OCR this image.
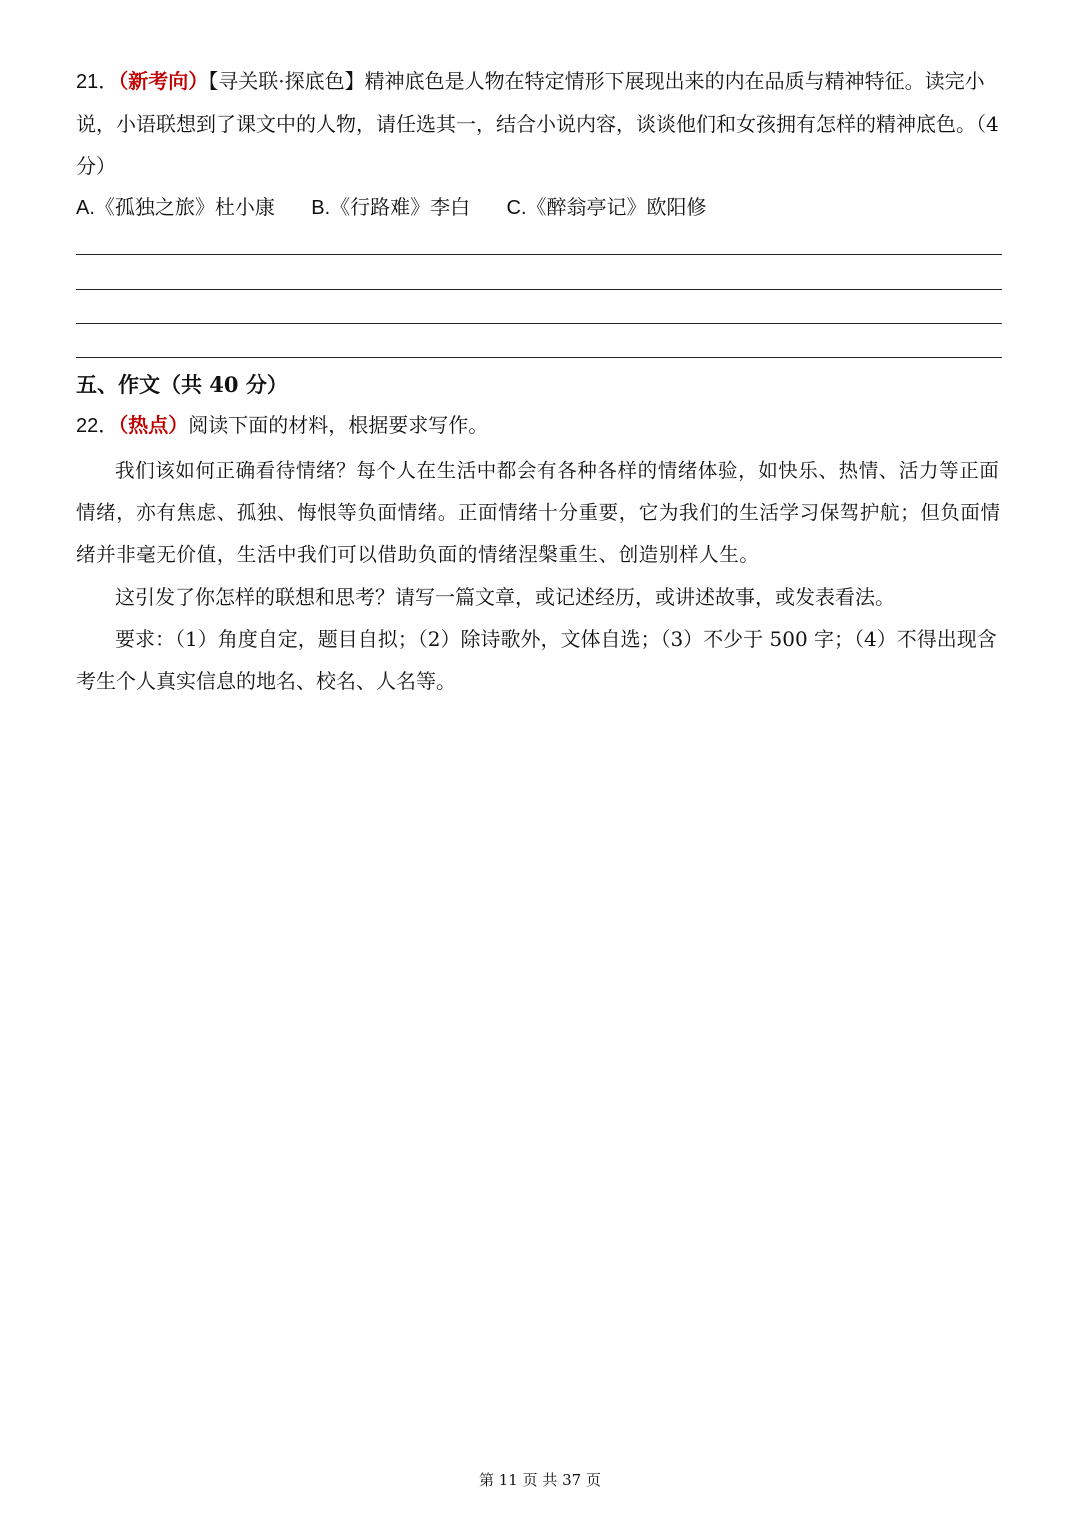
21．（新考向）【寻关联·探底色】精神底色是人物在特定情形下展现出来的内在品质与精神特征。读完小说，小语联想到了课文中的人物，请任选其一，结合小说内容，谈谈他们和女孩拥有怎样的精神底色。（4 分）

A.《孤独之旅》杜小康 B.《行路难》李白 C.《醉翁亭记》欧阳修
五、作文（共 40 分）
22．（热点）阅读下面的材料，根据要求写作。

我们该如何正确看待情绪？每个人在生活中都会有各种各样的情绪体验，如快乐、热情、活力等正面情绪，亦有焦虑、孤独、悔恨等负面情绪。正面情绪十分重要，它为我们的生活学习保驾护航；但负面情绪并非毫无价值，生活中我们可以借助负面的情绪涅槃重生、创造别样人生。

这引发了你怎样的联想和思考？请写一篇文章，或记述经历，或讲述故事，或发表看法。

要求：（1）角度自定，题目自拟；（2）除诗歌外，文体自选；（3）不少于 500 字；（4）不得出现含考生个人真实信息的地名、校名、人名等。

第 11 页 共 37 页
